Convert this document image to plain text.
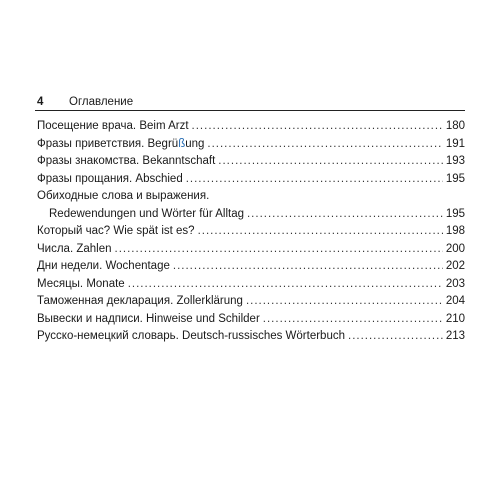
4 Оглавление
Посещение врача. Beim Arzt .....	180
Фразы приветствия. Begrüßung .....	191
Фразы знакомства. Bekanntschaft .....	193
Фразы прощания. Abschied .....	195
Обиходные слова и выражения.
Redewendungen und Wörter für Alltag .....	195
Который час? Wie spät ist es? .....	198
Числа. Zahlen .....	200
Дни недели. Wochentage .....	202
Месяцы. Monate .....	203
Таможенная декларация. Zollerklärung .....	204
Вывески и надписи. Hinweise und Schilder .....	210
Русско-немецкий словарь. Deutsch-russisches Wörterbuch .....	213
